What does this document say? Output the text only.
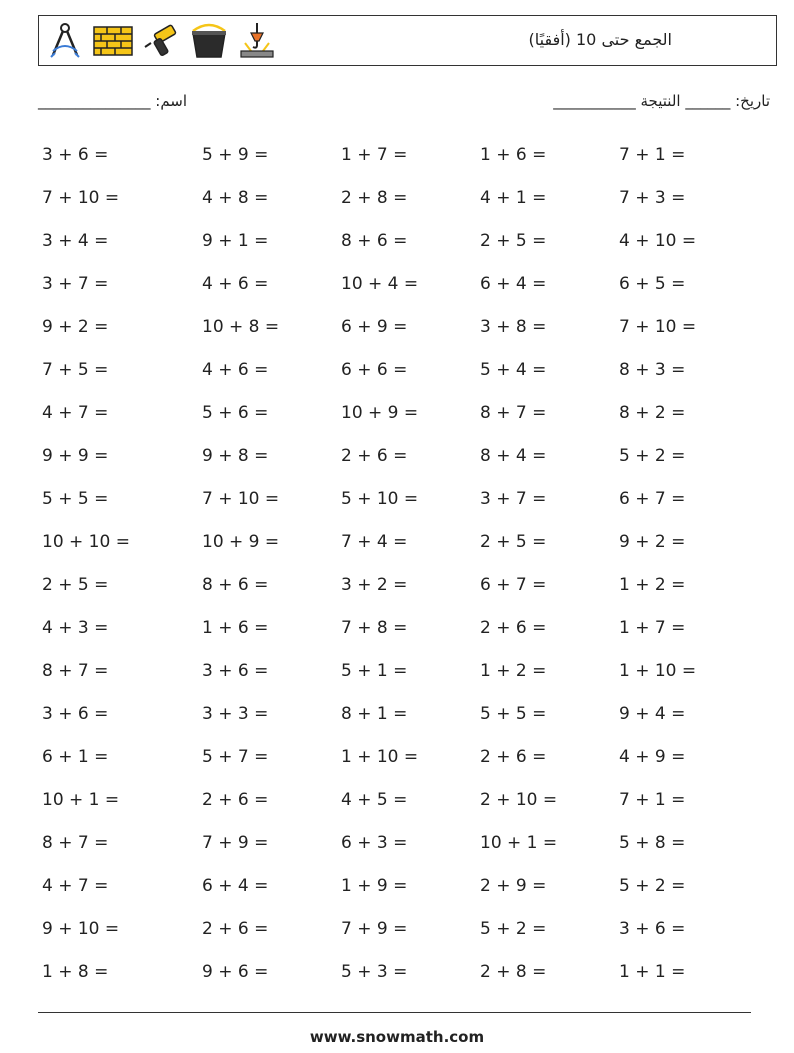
الجمع حتى 10 (أفقيًا)
اسم: _______________	تاريخ: ______ النتيجة ___________
3 + 6 =	5 + 9 =	1 + 7 =	1 + 6 =	7 + 1 =
7 + 10 =	4 + 8 =	2 + 8 =	4 + 1 =	7 + 3 =
3 + 4 =	9 + 1 =	8 + 6 =	2 + 5 =	4 + 10 =
3 + 7 =	4 + 6 =	10 + 4 =	6 + 4 =	6 + 5 =
9 + 2 =	10 + 8 =	6 + 9 =	3 + 8 =	7 + 10 =
7 + 5 =	4 + 6 =	6 + 6 =	5 + 4 =	8 + 3 =
4 + 7 =	5 + 6 =	10 + 9 =	8 + 7 =	8 + 2 =
9 + 9 =	9 + 8 =	2 + 6 =	8 + 4 =	5 + 2 =
5 + 5 =	7 + 10 =	5 + 10 =	3 + 7 =	6 + 7 =
10 + 10 =	10 + 9 =	7 + 4 =	2 + 5 =	9 + 2 =
2 + 5 =	8 + 6 =	3 + 2 =	6 + 7 =	1 + 2 =
4 + 3 =	1 + 6 =	7 + 8 =	2 + 6 =	1 + 7 =
8 + 7 =	3 + 6 =	5 + 1 =	1 + 2 =	1 + 10 =
3 + 6 =	3 + 3 =	8 + 1 =	5 + 5 =	9 + 4 =
6 + 1 =	5 + 7 =	1 + 10 =	2 + 6 =	4 + 9 =
10 + 1 =	2 + 6 =	4 + 5 =	2 + 10 =	7 + 1 =
8 + 7 =	7 + 9 =	6 + 3 =	10 + 1 =	5 + 8 =
4 + 7 =	6 + 4 =	1 + 9 =	2 + 9 =	5 + 2 =
9 + 10 =	2 + 6 =	7 + 9 =	5 + 2 =	3 + 6 =
1 + 8 =	9 + 6 =	5 + 3 =	2 + 8 =	1 + 1 =
www.snowmath.com
